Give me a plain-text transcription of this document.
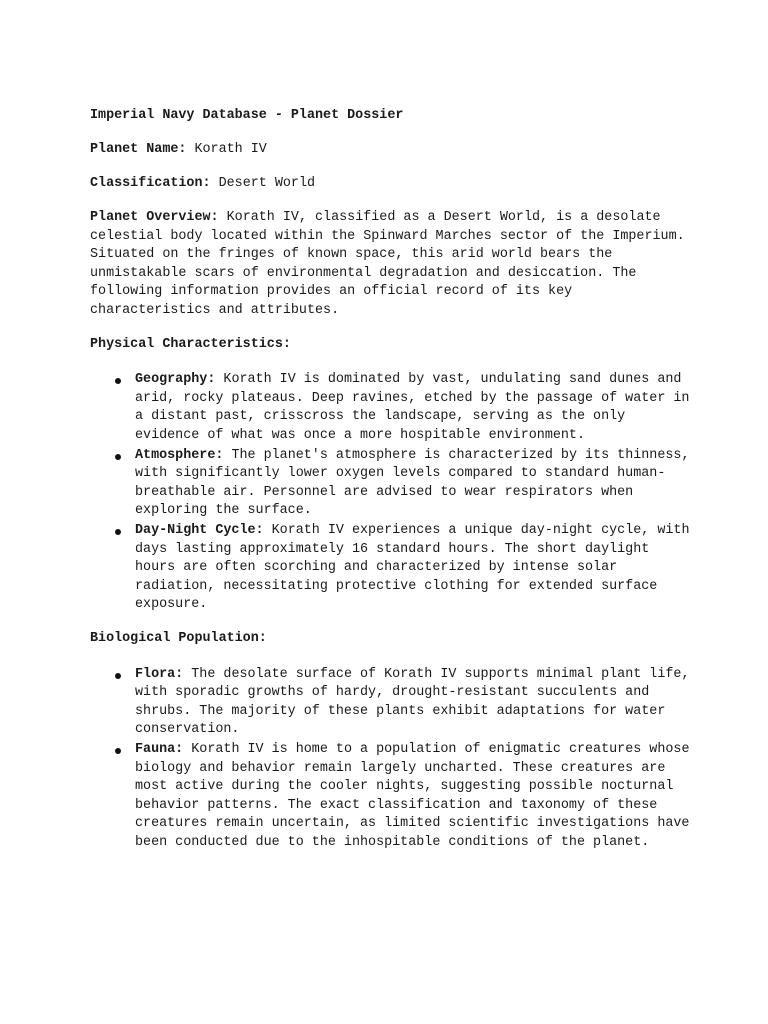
Imperial Navy Database - Planet Dossier

Planet Name: Korath IV

Classification: Desert World

Planet Overview: Korath IV, classified as a Desert World, is a desolate celestial body located within the Spinward Marches sector of the Imperium. Situated on the fringes of known space, this arid world bears the unmistakable scars of environmental degradation and desiccation. The following information provides an official record of its key characteristics and attributes.

Physical Characteristics:

Geography: Korath IV is dominated by vast, undulating sand dunes and arid, rocky plateaus. Deep ravines, etched by the passage of water in a distant past, crisscross the landscape, serving as the only evidence of what was once a more hospitable environment.
Atmosphere: The planet's atmosphere is characterized by its thinness, with significantly lower oxygen levels compared to standard human-breathable air. Personnel are advised to wear respirators when exploring the surface.
Day-Night Cycle: Korath IV experiences a unique day-night cycle, with days lasting approximately 16 standard hours. The short daylight hours are often scorching and characterized by intense solar radiation, necessitating protective clothing for extended surface exposure.

Biological Population:

Flora: The desolate surface of Korath IV supports minimal plant life, with sporadic growths of hardy, drought-resistant succulents and shrubs. The majority of these plants exhibit adaptations for water conservation.
Fauna: Korath IV is home to a population of enigmatic creatures whose biology and behavior remain largely uncharted. These creatures are most active during the cooler nights, suggesting possible nocturnal behavior patterns. The exact classification and taxonomy of these creatures remain uncertain, as limited scientific investigations have been conducted due to the inhospitable conditions of the planet.
